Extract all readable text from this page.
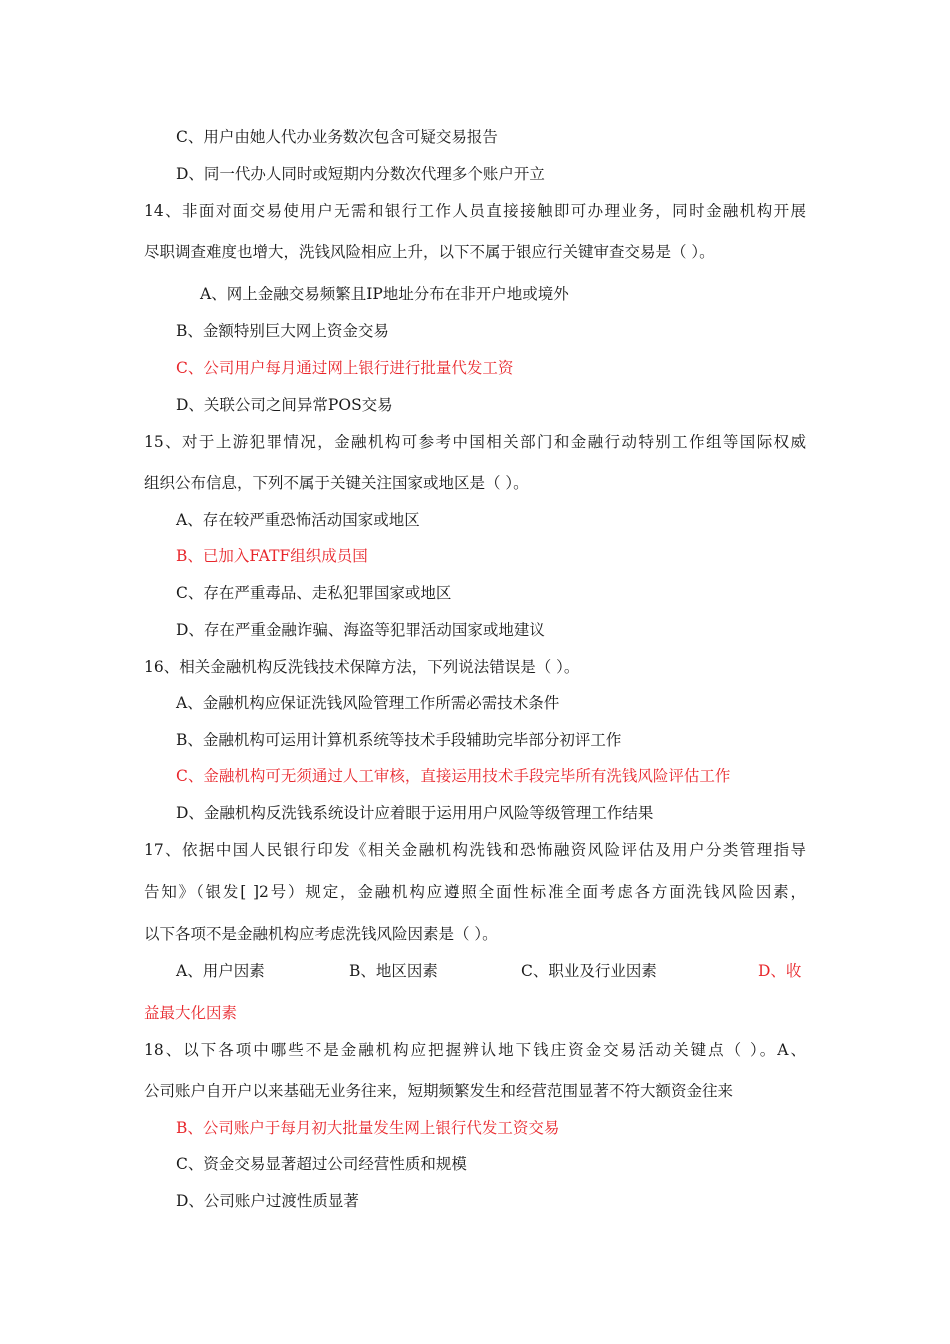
C、用户由她人代办业务数次包含可疑交易报告
D、同一代办人同时或短期内分数次代理多个账户开立
14、非面对面交易使用户无需和银行工作人员直接接触即可办理业务，同时金融机构开展
尽职调查难度也增大，洗钱风险相应上升，以下不属于银应行关键审查交易是（ ）。
A、网上金融交易频繁且IP地址分布在非开户地或境外
B、金额特别巨大网上资金交易
C、公司用户每月通过网上银行进行批量代发工资
D、关联公司之间异常POS交易
15、对于上游犯罪情况，金融机构可参考中国相关部门和金融行动特别工作组等国际权威
组织公布信息，下列不属于关键关注国家或地区是（ ）。
A、存在较严重恐怖活动国家或地区
B、已加入FATF组织成员国
C、存在严重毒品、走私犯罪国家或地区
D、存在严重金融诈骗、海盗等犯罪活动国家或地建议
16、相关金融机构反洗钱技术保障方法，下列说法错误是（ ）。
A、金融机构应保证洗钱风险管理工作所需必需技术条件
B、金融机构可运用计算机系统等技术手段辅助完毕部分初评工作
C、金融机构可无须通过人工审核，直接运用技术手段完毕所有洗钱风险评估工作
D、金融机构反洗钱系统设计应着眼于运用用户风险等级管理工作结果
17、依据中国人民银行印发《相关金融机构洗钱和恐怖融资风险评估及用户分类管理指导
告知》（银发[ ]2号）规定，金融机构应遵照全面性标准全面考虑各方面洗钱风险因素，
以下各项不是金融机构应考虑洗钱风险因素是（ ）。
A、用户因素	B、地区因素	C、职业及行业因素	D、收
益最大化因素
18、以下各项中哪些不是金融机构应把握辨认地下钱庄资金交易活动关键点（ ）。A、
公司账户自开户以来基础无业务往来，短期频繁发生和经营范围显著不符大额资金往来
B、公司账户于每月初大批量发生网上银行代发工资交易
C、资金交易显著超过公司经营性质和规模
D、公司账户过渡性质显著
